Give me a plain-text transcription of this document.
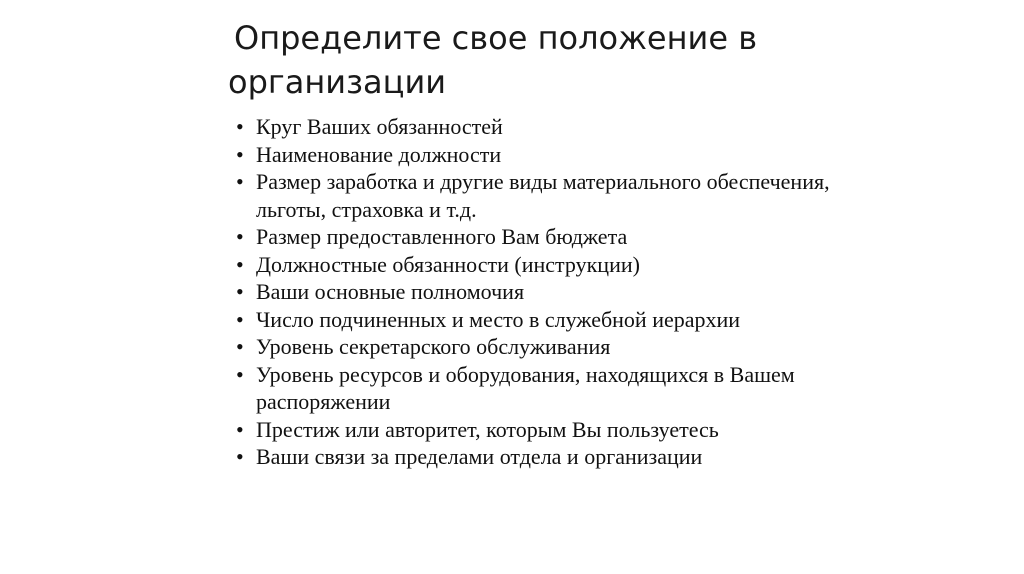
Определите свое положение в организации
• Круг Ваших обязанностей
• Наименование должности
• Размер заработка и другие виды материального обеспечения, льготы, страховка и т.д.
• Размер предоставленного Вам бюджета
• Должностные обязанности (инструкции)
• Ваши основные полномочия
• Число подчиненных и место в служебной иерархии
• Уровень секретарского обслуживания
• Уровень ресурсов и оборудования, находящихся в Вашем распоряжении
• Престиж или авторитет, которым Вы пользуетесь
• Ваши связи за пределами отдела и организации
